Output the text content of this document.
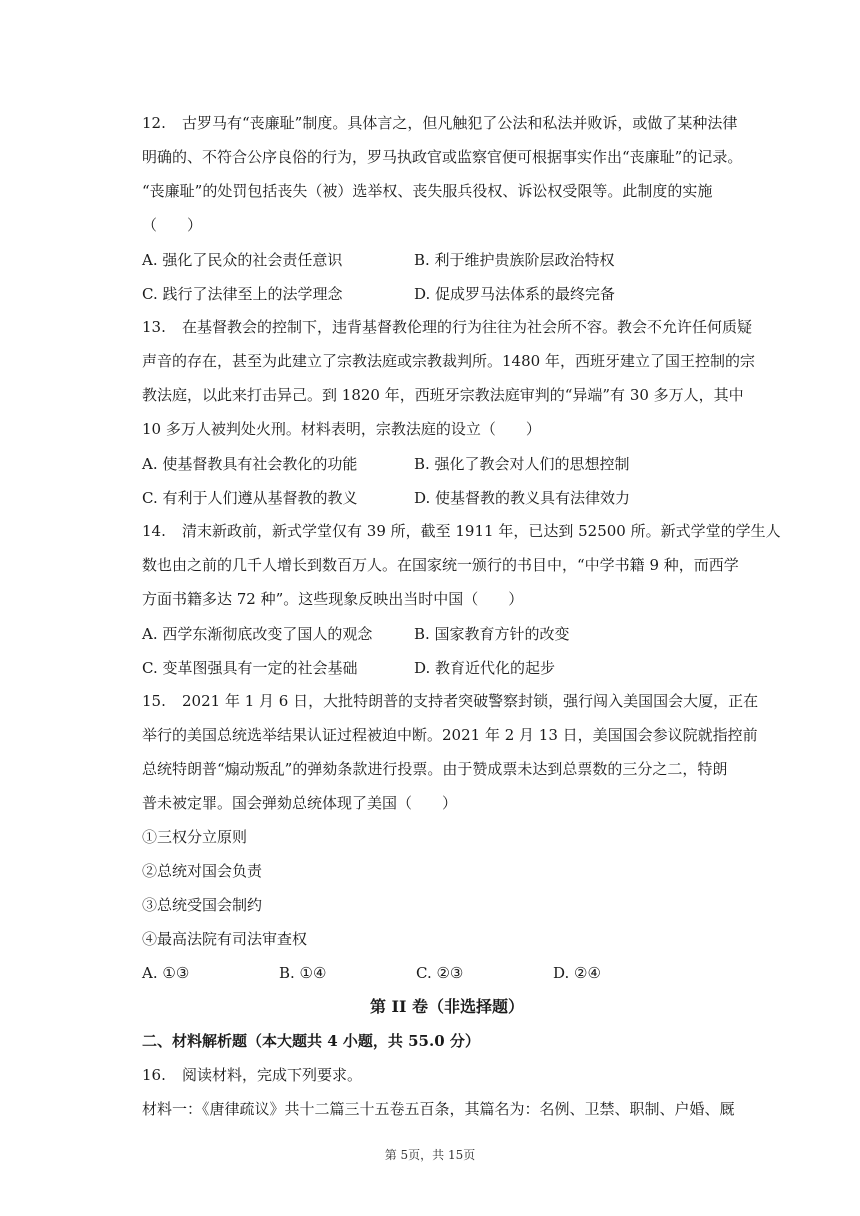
12. 古罗马有“丧廉耻”制度。具体言之，但凡触犯了公法和私法并败诉，或做了某种法律
明确的、不符合公序良俗的行为，罗马执政官或监察官便可根据事实作出“丧廉耻”的记录。
“丧廉耻”的处罚包括丧失（被）选举权、丧失服兵役权、诉讼权受限等。此制度的实施
（　　）
A. 强化了民众的社会责任意识	B. 利于维护贵族阶层政治特权
C. 践行了法律至上的法学理念	D. 促成罗马法体系的最终完备
13. 在基督教会的控制下，违背基督教伦理的行为往往为社会所不容。教会不允许任何质疑
声音的存在，甚至为此建立了宗教法庭或宗教裁判所。1480 年，西班牙建立了国王控制的宗
教法庭，以此来打击异己。到 1820 年，西班牙宗教法庭审判的“异端”有 30 多万人，其中
10 多万人被判处火刑。材料表明，宗教法庭的设立（　　）
A. 使基督教具有社会教化的功能	B. 强化了教会对人们的思想控制
C. 有利于人们遵从基督教的教义	D. 使基督教的教义具有法律效力
14. 清末新政前，新式学堂仅有 39 所，截至 1911 年，已达到 52500 所。新式学堂的学生人
数也由之前的几千人增长到数百万人。在国家统一颁行的书目中，“中学书籍 9 种，而西学
方面书籍多达 72 种”。这些现象反映出当时中国（　　）
A. 西学东渐彻底改变了国人的观念	B. 国家教育方针的改变
C. 变革图强具有一定的社会基础	D. 教育近代化的起步
15. 2021 年 1 月 6 日，大批特朗普的支持者突破警察封锁，强行闯入美国国会大厦，正在
举行的美国总统选举结果认证过程被迫中断。2021 年 2 月 13 日，美国国会参议院就指控前
总统特朗普“煽动叛乱”的弹劾条款进行投票。由于赞成票未达到总票数的三分之二，特朗
普未被定罪。国会弹劾总统体现了美国（　　）
①三权分立原则
②总统对国会负责
③总统受国会制约
④最高法院有司法审查权
A. ①③	B. ①④	C. ②③	D. ②④
第 II 卷（非选择题）
二、材料解析题（本大题共 4 小题，共 55.0 分）
16. 阅读材料，完成下列要求。
材料一：《唐律疏议》共十二篇三十五卷五百条，其篇名为：名例、卫禁、职制、户婚、厩
第 5页，共 15页
